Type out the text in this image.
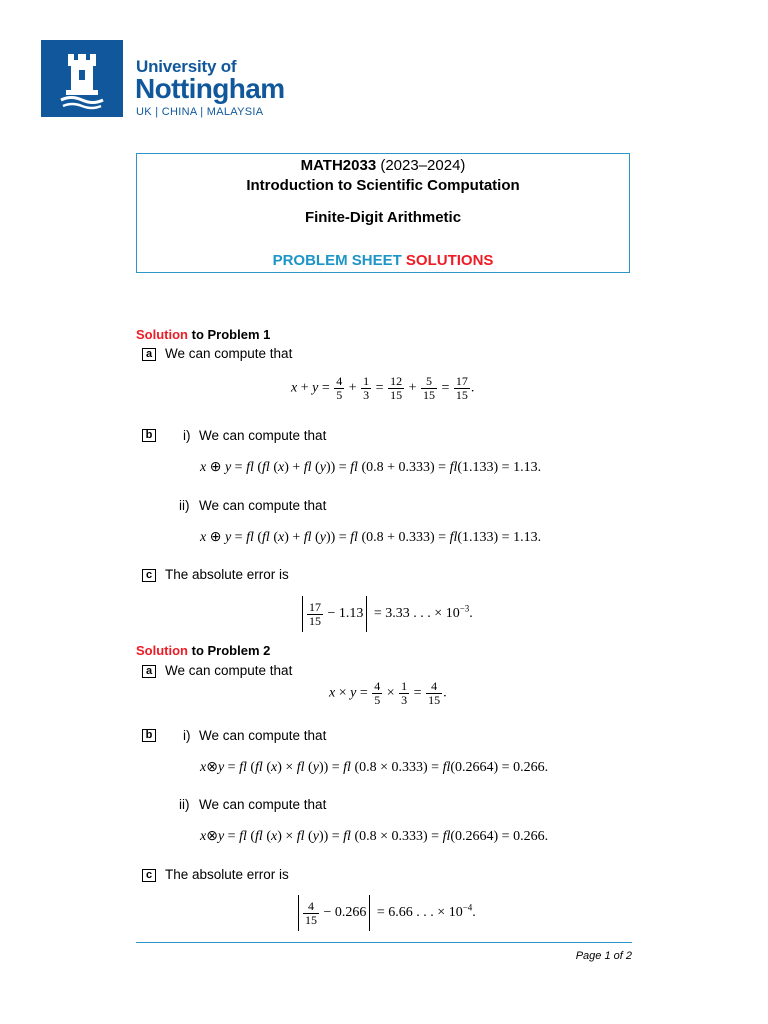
University of
Nottingham
UK | CHINA | MALAYSIA
MATH2033 (2023–2024)
Introduction to Scientific Computation
Finite-Digit Arithmetic
PROBLEM SHEET SOLUTIONS
Solution to Problem 1
a We can compute that
$x + y = \frac{4}{5} + \frac{1}{3} = \frac{12}{15} + \frac{5}{15} = \frac{17}{15}$ .
b i) We can compute that
x ⊕ y = fl (fl (x) + fl (y)) = fl (0.8 + 0.333) = fl(1.133) = 1.13.
ii) We can compute that
x ⊕ y = fl (fl (x) + fl (y)) = fl (0.8 + 0.333) = fl(1.133) = 1.13.
c The absolute error is
$\frac{17}{15} - 1.13 = 3.33$ . . . × $10^{-3}$.
Solution to Problem 2
a We can compute that
$x \times y = \frac{4}{5} \times \frac{1}{3} = \frac{4}{15}$ .
b i) We can compute that
x⊗y = fl (fl (x) × fl (y)) = fl (0.8 × 0.333) = fl(0.2664) = 0.266.
ii) We can compute that
x⊗y = fl (fl (x) × fl (y)) = fl (0.8 × 0.333) = fl(0.2664) = 0.266.
c The absolute error is
$\frac{4}{15} - 0.266 = 6.66$ . . . × $10^{-4}$.
Page 1 of 2
